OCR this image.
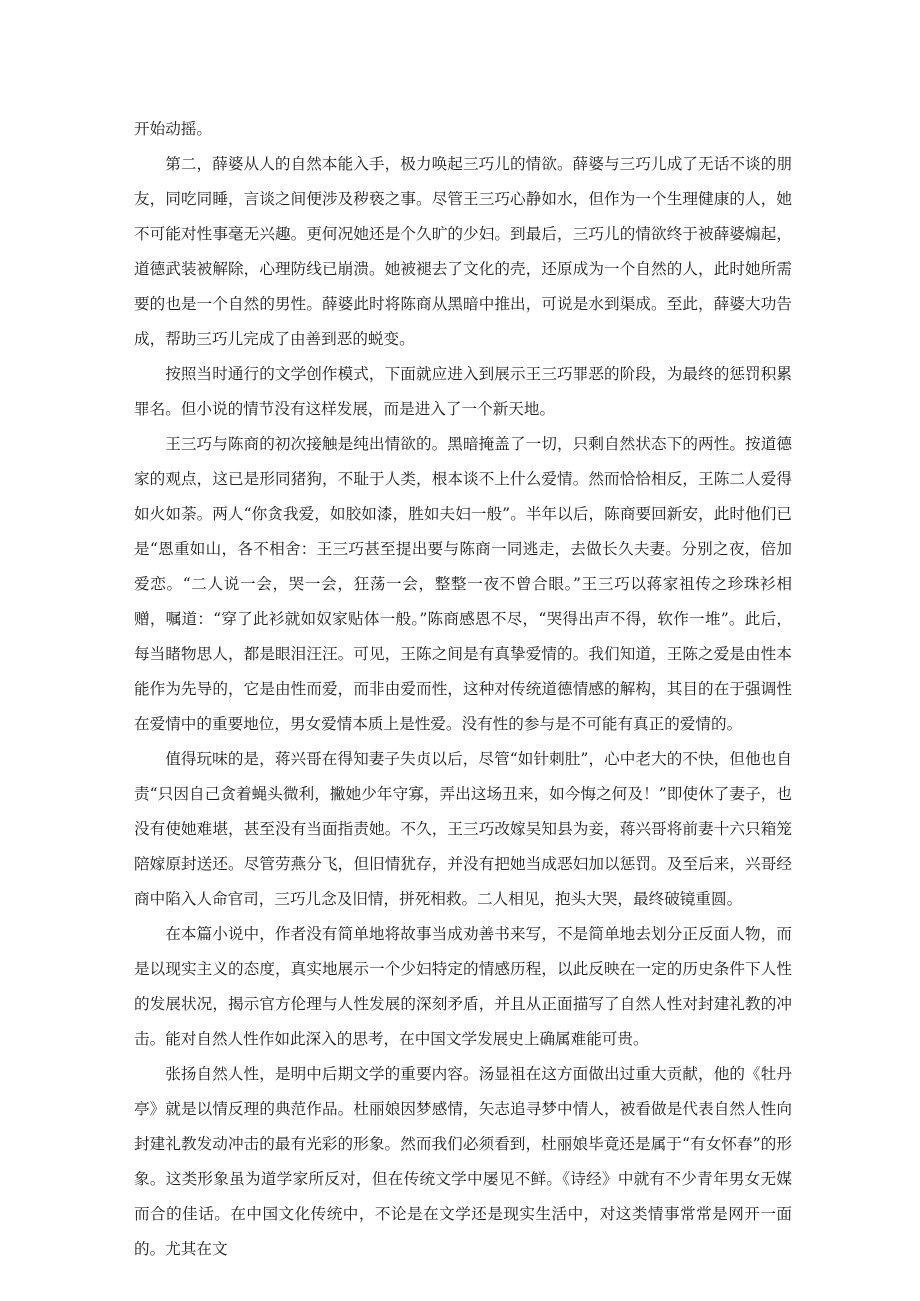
开始动摇。

第二，薛婆从人的自然本能入手，极力唤起三巧儿的情欲。薛婆与三巧儿成了无话不谈的朋友，同吃同睡，言谈之间便涉及秽亵之事。尽管王三巧心静如水，但作为一个生理健康的人，她不可能对性事毫无兴趣。更何况她还是个久旷的少妇。到最后，三巧儿的情欲终于被薛婆煽起，道德武装被解除，心理防线已崩溃。她被褪去了文化的壳，还原成为一个自然的人，此时她所需要的也是一个自然的男性。薛婆此时将陈商从黑暗中推出，可说是水到渠成。至此，薛婆大功告成，帮助三巧儿完成了由善到恶的蜕变。

按照当时通行的文学创作模式，下面就应进入到展示王三巧罪恶的阶段，为最终的惩罚积累罪名。但小说的情节没有这样发展，而是进入了一个新天地。

王三巧与陈商的初次接触是纯出情欲的。黑暗掩盖了一切，只剩自然状态下的两性。按道德家的观点，这已是形同猪狗，不耻于人类，根本谈不上什么爱情。然而恰恰相反，王陈二人爱得如火如荼。两人“你贪我爱，如胶如漆，胜如夫妇一般”。半年以后，陈商要回新安，此时他们已是“恩重如山，各不相舍：王三巧甚至提出要与陈商一同逃走，去做长久夫妻。分别之夜，倍加爱恋。“二人说一会，哭一会，狂荡一会，整整一夜不曾合眼。”王三巧以蒋家祖传之珍珠衫相赠，嘱道：“穿了此衫就如奴家贴体一般。”陈商感恩不尽，“哭得出声不得，软作一堆”。此后，每当睹物思人，都是眼泪汪汪。可见，王陈之间是有真挚爱情的。我们知道，王陈之爱是由性本能作为先导的，它是由性而爱，而非由爱而性，这种对传统道德情感的解构，其目的在于强调性在爱情中的重要地位，男女爱情本质上是性爱。没有性的参与是不可能有真正的爱情的。

值得玩味的是，蒋兴哥在得知妻子失贞以后，尽管“如针刺肚”，心中老大的不快，但他也自责“只因自己贪着蝇头微利，撇她少年守寡，弄出这场丑来，如今悔之何及！”即使休了妻子，也没有使她难堪，甚至没有当面指责她。不久，王三巧改嫁吴知县为妾，蒋兴哥将前妻十六只箱笼陪嫁原封送还。尽管劳燕分飞，但旧情犹存，并没有把她当成恶妇加以惩罚。及至后来，兴哥经商中陷入人命官司，三巧儿念及旧情，拼死相救。二人相见，抱头大哭，最终破镜重圆。

在本篇小说中，作者没有简单地将故事当成劝善书来写，不是简单地去划分正反面人物，而是以现实主义的态度，真实地展示一个少妇特定的情感历程，以此反映在一定的历史条件下人性的发展状况，揭示官方伦理与人性发展的深刻矛盾，并且从正面描写了自然人性对封建礼教的冲击。能对自然人性作如此深入的思考，在中国文学发展史上确属难能可贵。

张扬自然人性，是明中后期文学的重要内容。汤显祖在这方面做出过重大贡献，他的《牡丹亭》就是以情反理的典范作品。杜丽娘因梦感情，矢志追寻梦中情人，被看做是代表自然人性向封建礼教发动冲击的最有光彩的形象。然而我们必须看到，杜丽娘毕竟还是属于“有女怀春”的形象。这类形象虽为道学家所反对，但在传统文学中屡见不鲜。《诗经》中就有不少青年男女无媒而合的佳话。在中国文化传统中，不论是在文学还是现实生活中，对这类情事常常是网开一面的。尤其在文
